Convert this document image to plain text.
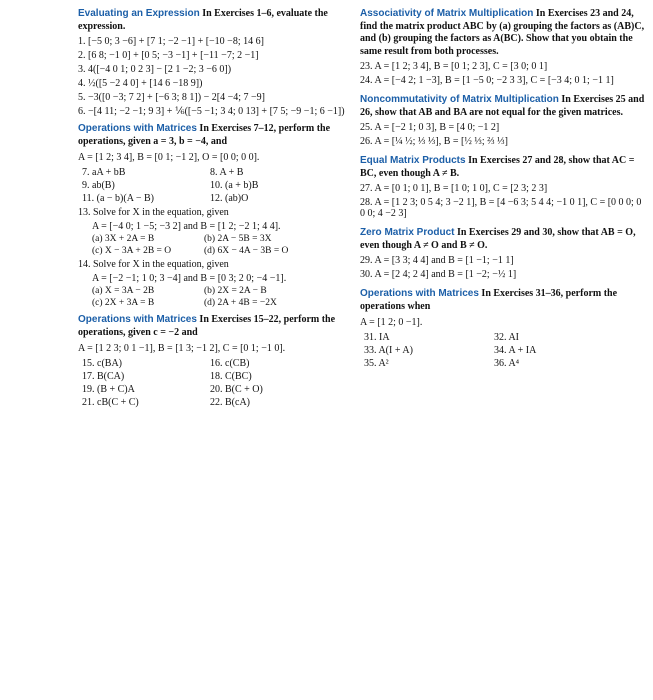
Evaluating an Expression In Exercises 1–6, evaluate the expression.
1. [−5 0; 3 −6] + [7 1; −2 −1] + [−10 −8; 14 6]
2. [6 8; −1 0] + [0 5; −3 −1] + [−11 −7; 2 −1]
3. 4([−4 0 1; 0 2 3] − [2 1 −2; 3 −6 0])
4. ½([5 −2 4 0] + [14 6 −18 9])
5. −3([0 −3; 7 2] + [−6 3; 8 1]) − 2[4 −4; 7 −9]
6. −[4 11; −2 −1; 9 3] + ⅙([−5 −1; 3 4; 0 13] + [7 5; −9 −1; 6 −1])
Operations with Matrices In Exercises 7–12, perform the operations, given a = 3, b = −4, and
A = [1 2; 3 4], B = [0 1; −1 2], O = [0 0; 0 0].
7. aA + bB	8. A + B
9. ab(B)	10. (a + b)B
11. (a − b)(A − B)	12. (ab)O
13. Solve for X in the equation, given
A = [−4 0; 1 −5; −3 2] and B = [1 2; −2 1; 4 4].
(a) 3X + 2A = B	(b) 2A − 5B = 3X
(c) X − 3A + 2B = O	(d) 6X − 4A − 3B = O
14. Solve for X in the equation, given
A = [−2 −1; 1 0; 3 −4] and B = [0 3; 2 0; −4 −1].
(a) X = 3A − 2B	(b) 2X = 2A − B
(c) 2X + 3A = B	(d) 2A + 4B = −2X
Operations with Matrices In Exercises 15–22, perform the operations, given c = −2 and
A = [1 2 3; 0 1 −1], B = [1 3; −1 2], C = [0 1; −1 0].
15. c(BA)	16. c(CB)
17. B(CA)	18. C(BC)
19. (B + C)A	20. B(C + O)
21. cB(C + C)	22. B(cA)
Associativity of Matrix Multiplication In Exercises 23 and 24, find the matrix product ABC by (a) grouping the factors as (AB)C, and (b) grouping the factors as A(BC). Show that you obtain the same result from both processes.
23. A = [1 2; 3 4], B = [0 1; 2 3], C = [3 0; 0 1]
24. A = [−4 2; 1 −3], B = [1 −5 0; −2 3 3], C = [−3 4; 0 1; −1 1]
Noncommutativity of Matrix Multiplication In Exercises 25 and 26, show that AB and BA are not equal for the given matrices.
25. A = [−2 1; 0 3], B = [4 0; −1 2]
26. A = [¼ ½; ⅓ ⅓], B = [½ ⅓; ⅔ ⅓]
Equal Matrix Products In Exercises 27 and 28, show that AC = BC, even though A ≠ B.
27. A = [0 1; 0 1], B = [1 0; 1 0], C = [2 3; 2 3]
28. A = [1 2 3; 0 5 4; 3 −2 1], B = [4 −6 3; 5 4 4; −1 0 1], C = [0 0 0; 0 0 0; 4 −2 3]
Zero Matrix Product In Exercises 29 and 30, show that AB = O, even though A ≠ O and B ≠ O.
29. A = [3 3; 4 4] and B = [1 −1; −1 1]
30. A = [2 4; 2 4] and B = [1 −2; −½ 1]
Operations with Matrices In Exercises 31–36, perform the operations when
A = [1 2; 0 −1].
31. IA	32. AI
33. A(I + A)	34. A + IA
35. A²	36. A⁴
